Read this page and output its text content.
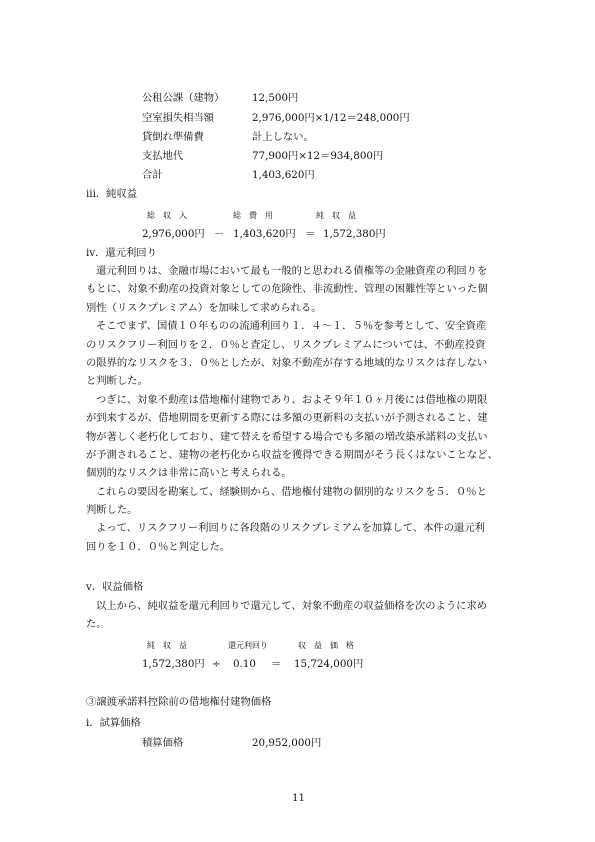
公租公課（建物）	12,500円
空室損失相当額	2,976,000円×1/12＝248,000円
貸倒れ準備費	計上しない。
支払地代	77,900円×12＝934,800円
合計	1,403,620円
ⅲ．純収益
総　収　入	総　費　用	純　収　益
2,976,000円 － 1,403,620円 ＝ 1,572,380円
ⅳ．還元利回り
還元利回りは、金融市場において最も一般的と思われる債権等の金融資産の利回りを
もとに、対象不動産の投資対象としての危険性、非流動性、管理の困難性等といった個
別性（リスクプレミアム）を加味して求められる。
そこでまず、国債１０年ものの流通利回り１．４～１．５％を参考として、安全資産
のリスクフリー利回りを２．０％と査定し、リスクプレミアムについては、不動産投資
の限界的なリスクを３．０％としたが、対象不動産が存する地域的なリスクは存しない
と判断した。
つぎに、対象不動産は借地権付建物であり、およそ９年１０ヶ月後には借地権の期限
が到来するが、借地期間を更新する際には多額の更新料の支払いが予測されること、建
物が著しく老朽化しており、建て替えを希望する場合でも多額の増改築承諾料の支払い
が予測されること、建物の老朽化から収益を獲得できる期間がそう長くはないことなど、
個別的なリスクは非常に高いと考えられる。
これらの要因を勘案して、経験則から、借地権付建物の個別的なリスクを５．０％と
判断した。
よって、リスクフリー利回りに各段階のリスクプレミアムを加算して、本件の還元利
回りを１０．０％と判定した。
ⅴ．収益価格
以上から、純収益を還元利回りで還元して、対象不動産の収益価格を次のように求め
た。
純　収　益	還元利回り	収　益　価　格
1,572,380円 ÷ 0.10 ＝ 15,724,000円
③譲渡承諾料控除前の借地権付建物価格
ⅰ．試算価格
積算価格	20,952,000円
11
